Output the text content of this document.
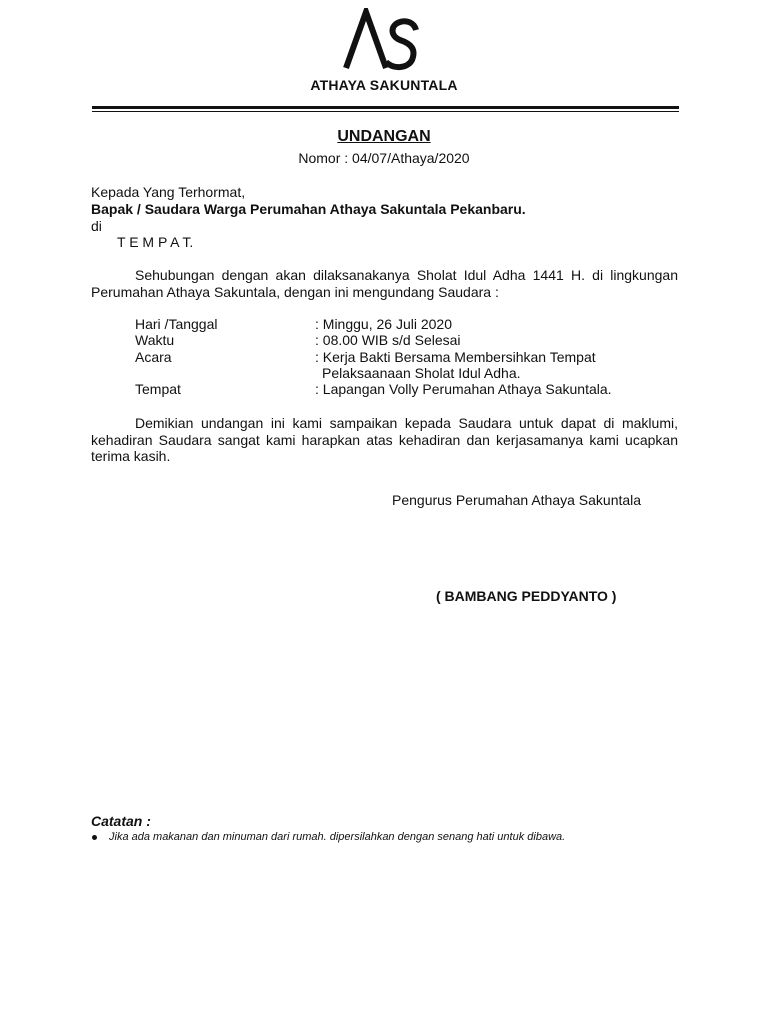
ATHAYA SAKUNTALA
UNDANGAN
Nomor : 04/07/Athaya/2020
Kepada Yang Terhormat,
Bapak / Saudara Warga Perumahan Athaya Sakuntala Pekanbaru.
di
T E M P A T.
Sehubungan dengan akan dilaksanakanya Sholat Idul Adha 1441 H. di lingkungan Perumahan Athaya Sakuntala, dengan ini mengundang Saudara :
Hari /Tanggal	: Minggu, 26 Juli 2020
Waktu	: 08.00 WIB s/d Selesai
Acara	: Kerja Bakti Bersama Membersihkan Tempat
Pelaksaanaan Sholat Idul Adha.
Tempat	: Lapangan Volly Perumahan Athaya Sakuntala.
Demikian undangan ini kami sampaikan kepada Saudara untuk dapat di maklumi, kehadiran Saudara sangat kami harapkan atas kehadiran dan kerjasamanya kami ucapkan terima kasih.
Pengurus Perumahan Athaya Sakuntala
( BAMBANG PEDDYANTO )
Catatan :
Jika ada makanan dan minuman dari rumah. dipersilahkan dengan senang hati untuk dibawa.
